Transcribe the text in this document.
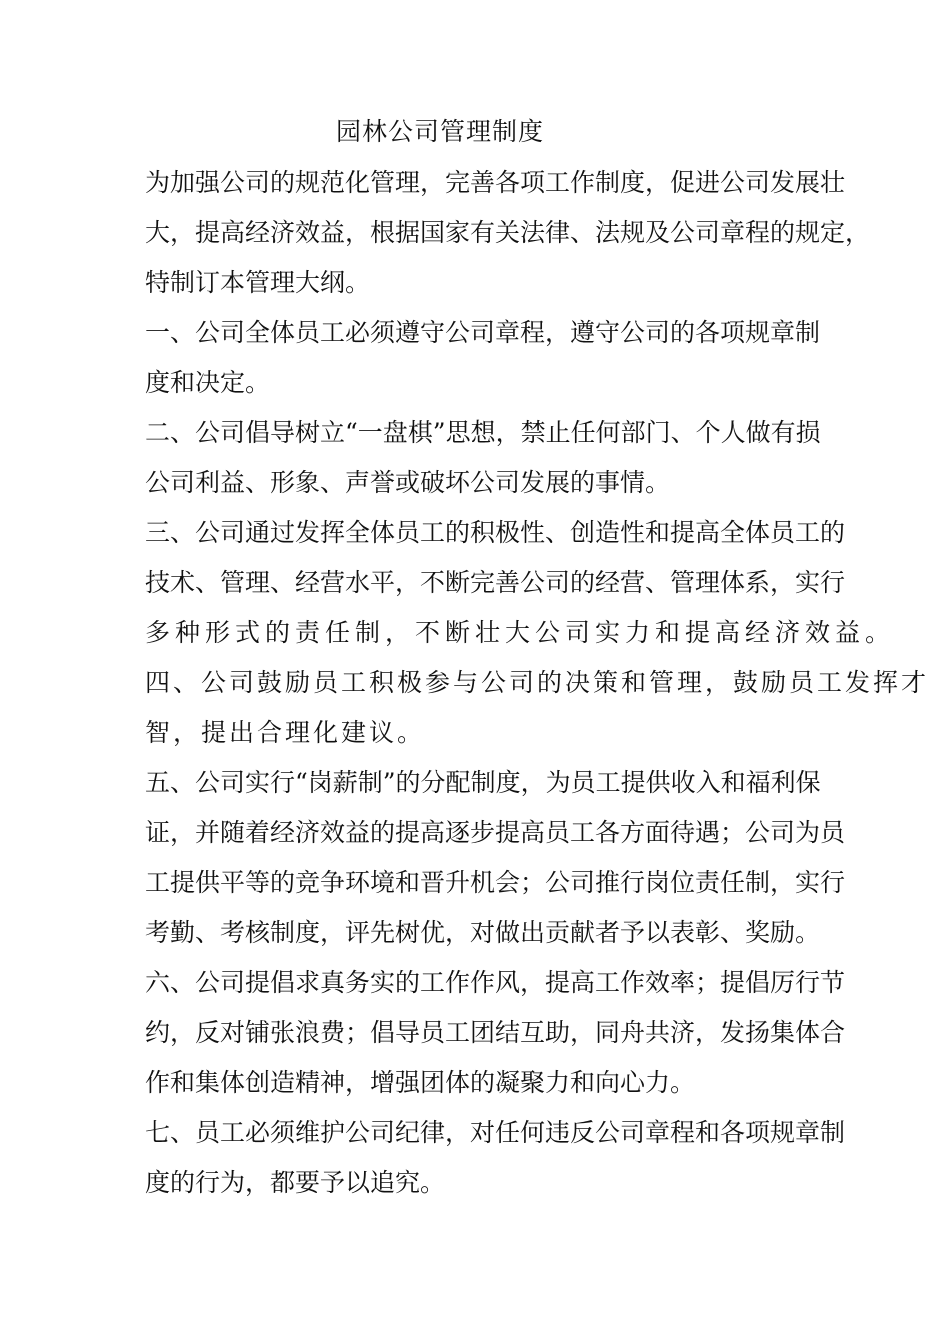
园林公司管理制度
为加强公司的规范化管理，完善各项工作制度，促进公司发展壮
大，提高经济效益，根据国家有关法律、法规及公司章程的规定，
特制订本管理大纲。
一、公司全体员工必须遵守公司章程，遵守公司的各项规章制
度和决定。
二、公司倡导树立“一盘棋”思想，禁止任何部门、个人做有损
公司利益、形象、声誉或破坏公司发展的事情。
三、公司通过发挥全体员工的积极性、创造性和提高全体员工的
技术、管理、经营水平，不断完善公司的经营、管理体系，实行
多种形式的责任制，不断壮大公司实力和提高经济效益。
四、公司鼓励员工积极参与公司的决策和管理，鼓励员工发挥才
智，提出合理化建议。
五、公司实行“岗薪制”的分配制度，为员工提供收入和福利保
证，并随着经济效益的提高逐步提高员工各方面待遇；公司为员
工提供平等的竞争环境和晋升机会；公司推行岗位责任制，实行
考勤、考核制度，评先树优，对做出贡献者予以表彰、奖励。
六、公司提倡求真务实的工作作风，提高工作效率；提倡厉行节
约，反对铺张浪费；倡导员工团结互助，同舟共济，发扬集体合
作和集体创造精神，增强团体的凝聚力和向心力。
七、员工必须维护公司纪律，对任何违反公司章程和各项规章制
度的行为，都要予以追究。
